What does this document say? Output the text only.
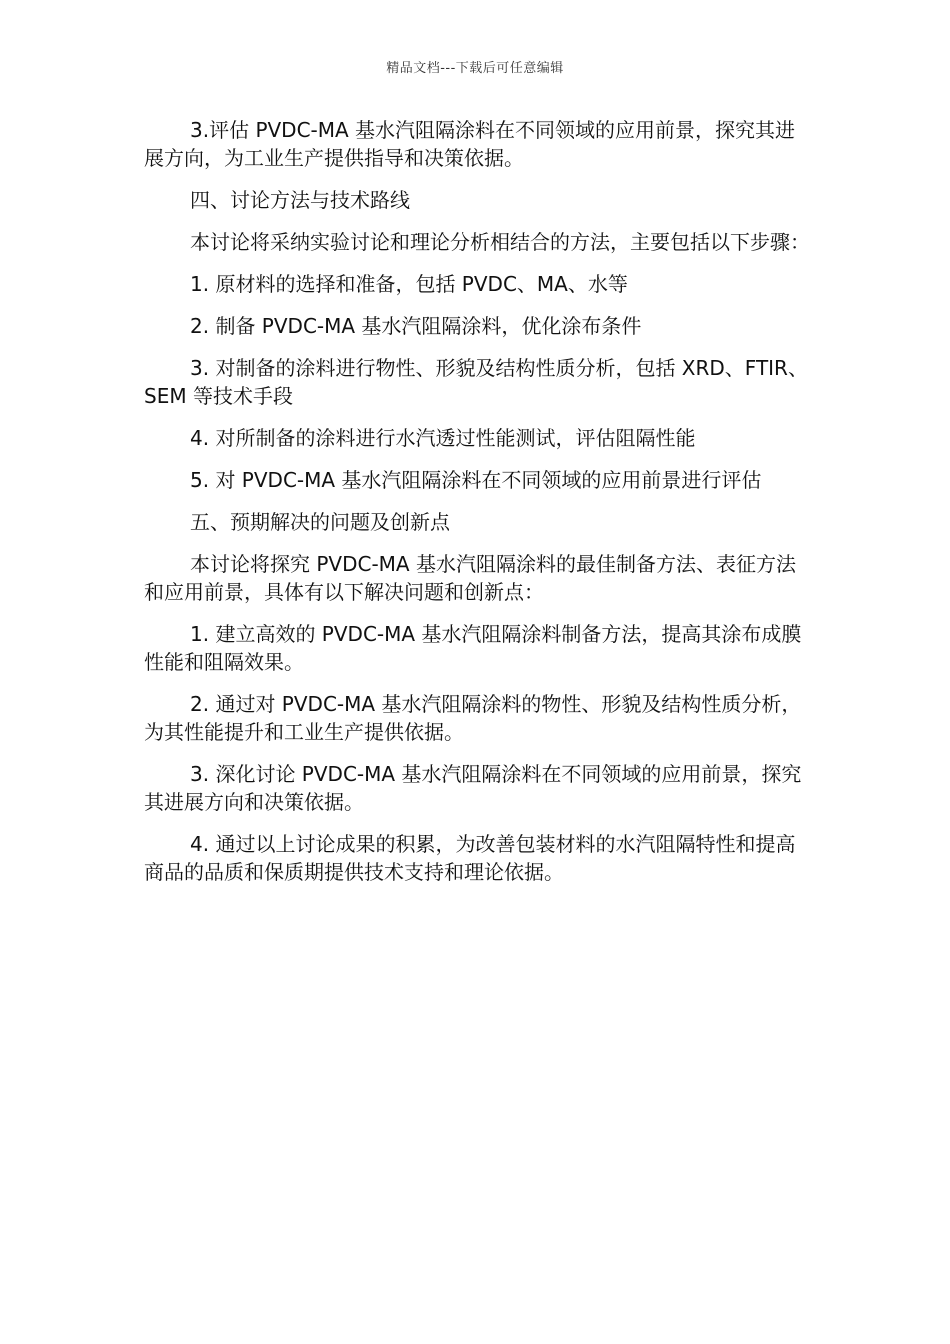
精品文档---下载后可任意编辑

3.评估 PVDC-MA 基水汽阻隔涂料在不同领域的应用前景，探究其进展方向，为工业生产提供指导和决策依据。

四、讨论方法与技术路线

本讨论将采纳实验讨论和理论分析相结合的方法，主要包括以下步骤：

1. 原材料的选择和准备，包括 PVDC、MA、水等

2. 制备 PVDC-MA 基水汽阻隔涂料，优化涂布条件

3. 对制备的涂料进行物性、形貌及结构性质分析，包括 XRD、FTIR、SEM 等技术手段

4. 对所制备的涂料进行水汽透过性能测试，评估阻隔性能

5. 对 PVDC-MA 基水汽阻隔涂料在不同领域的应用前景进行评估

五、预期解决的问题及创新点

本讨论将探究 PVDC-MA 基水汽阻隔涂料的最佳制备方法、表征方法和应用前景，具体有以下解决问题和创新点：

1. 建立高效的 PVDC-MA 基水汽阻隔涂料制备方法，提高其涂布成膜性能和阻隔效果。

2. 通过对 PVDC-MA 基水汽阻隔涂料的物性、形貌及结构性质分析，为其性能提升和工业生产提供依据。

3. 深化讨论 PVDC-MA 基水汽阻隔涂料在不同领域的应用前景，探究其进展方向和决策依据。

4. 通过以上讨论成果的积累，为改善包装材料的水汽阻隔特性和提高商品的品质和保质期提供技术支持和理论依据。
